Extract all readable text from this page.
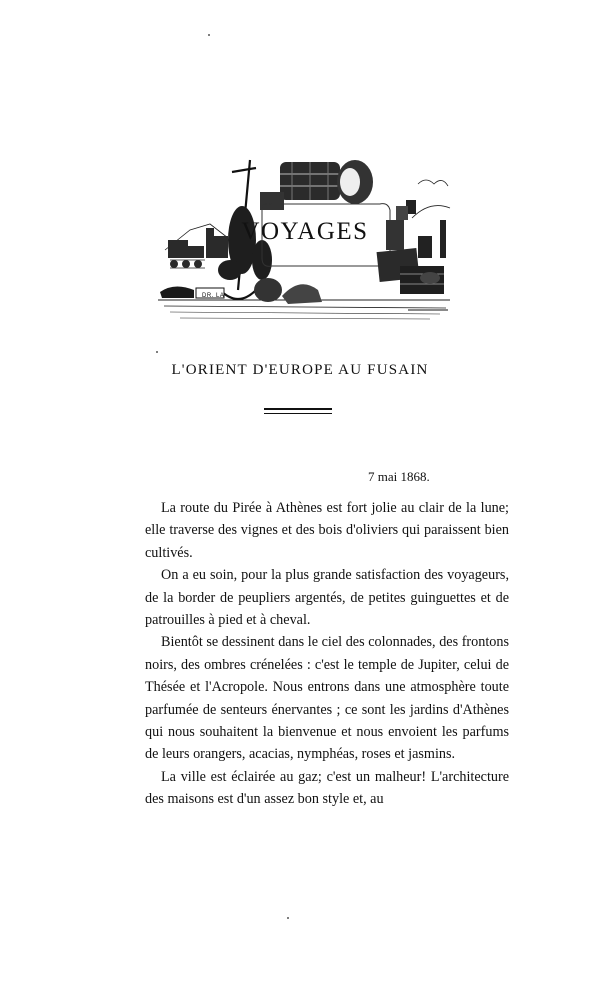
VOYAGES
DR. LA
L'ORIENT D'EUROPE AU FUSAIN
7 mai 1868.

La route du Pirée à Athènes est fort jolie au clair de la lune; elle traverse des vignes et des bois d'oliviers qui paraissent bien cultivés.

On a eu soin, pour la plus grande satisfaction des voyageurs, de la border de peupliers argentés, de petites guinguettes et de patrouilles à pied et à cheval.

Bientôt se dessinent dans le ciel des colonnades, des frontons noirs, des ombres crénelées : c'est le temple de Jupiter, celui de Thésée et l'Acropole. Nous entrons dans une atmosphère toute parfumée de senteurs énervantes ; ce sont les jardins d'Athènes qui nous souhaitent la bienvenue et nous envoient les parfums de leurs orangers, acacias, nymphéas, roses et jasmins.

La ville est éclairée au gaz; c'est un malheur! L'architecture des maisons est d'un assez bon style et, au
